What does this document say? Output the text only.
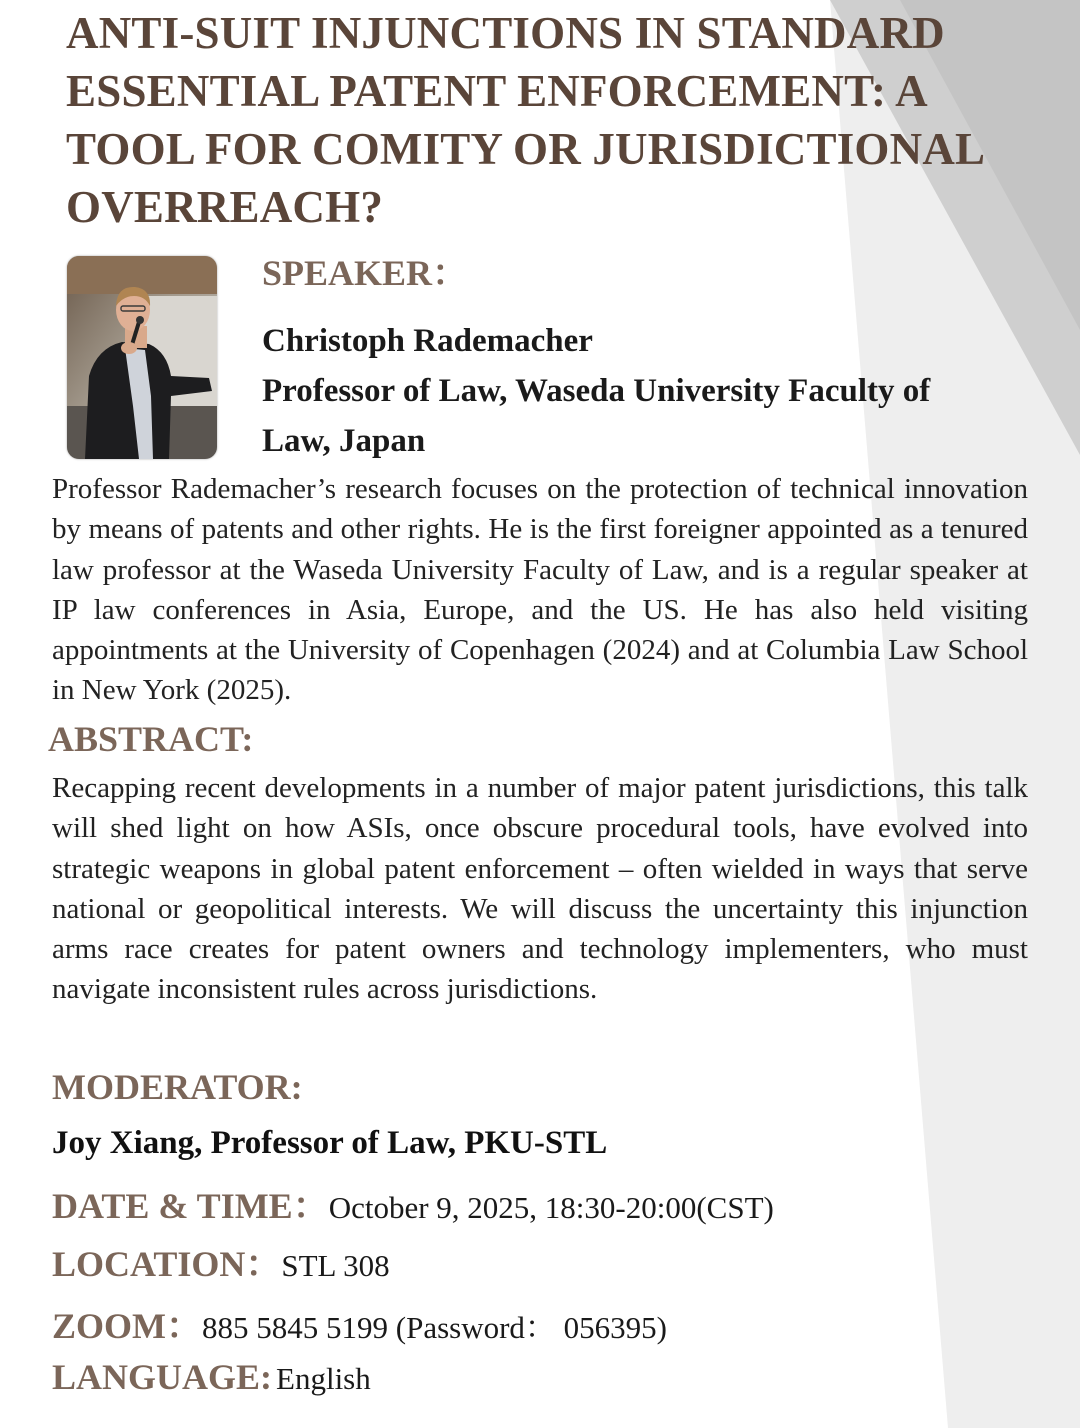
ANTI-SUIT INJUNCTIONS IN STANDARD ESSENTIAL PATENT ENFORCEMENT: A TOOL FOR COMITY OR JURISDICTIONAL OVERREACH?
SPEAKER：
Christoph Rademacher
Professor of Law, Waseda University Faculty of
Law, Japan

Professor Rademacher’s research focuses on the protection of technical innovation by means of patents and other rights. He is the first foreigner appointed as a tenured law professor at the Waseda University Faculty of Law, and is a regular speaker at IP law conferences in Asia, Europe, and the US. He has also held visiting appointments at the University of Copenhagen (2024) and at Columbia Law School in New York (2025).

ABSTRACT:

Recapping recent developments in a number of major patent jurisdictions, this talk will shed light on how ASIs, once obscure procedural tools, have evolved into strategic weapons in global patent enforcement – often wielded in ways that serve national or geopolitical interests. We will discuss the uncertainty this injunction arms race creates for patent owners and technology implementers, who must navigate inconsistent rules across jurisdictions.

MODERATOR:
Joy Xiang, Professor of Law, PKU-STL
DATE & TIME：October 9, 2025, 18:30-20:00(CST)
LOCATION：STL 308
ZOOM：885 5845 5199 (Password： 056395)
LANGUAGE: English
